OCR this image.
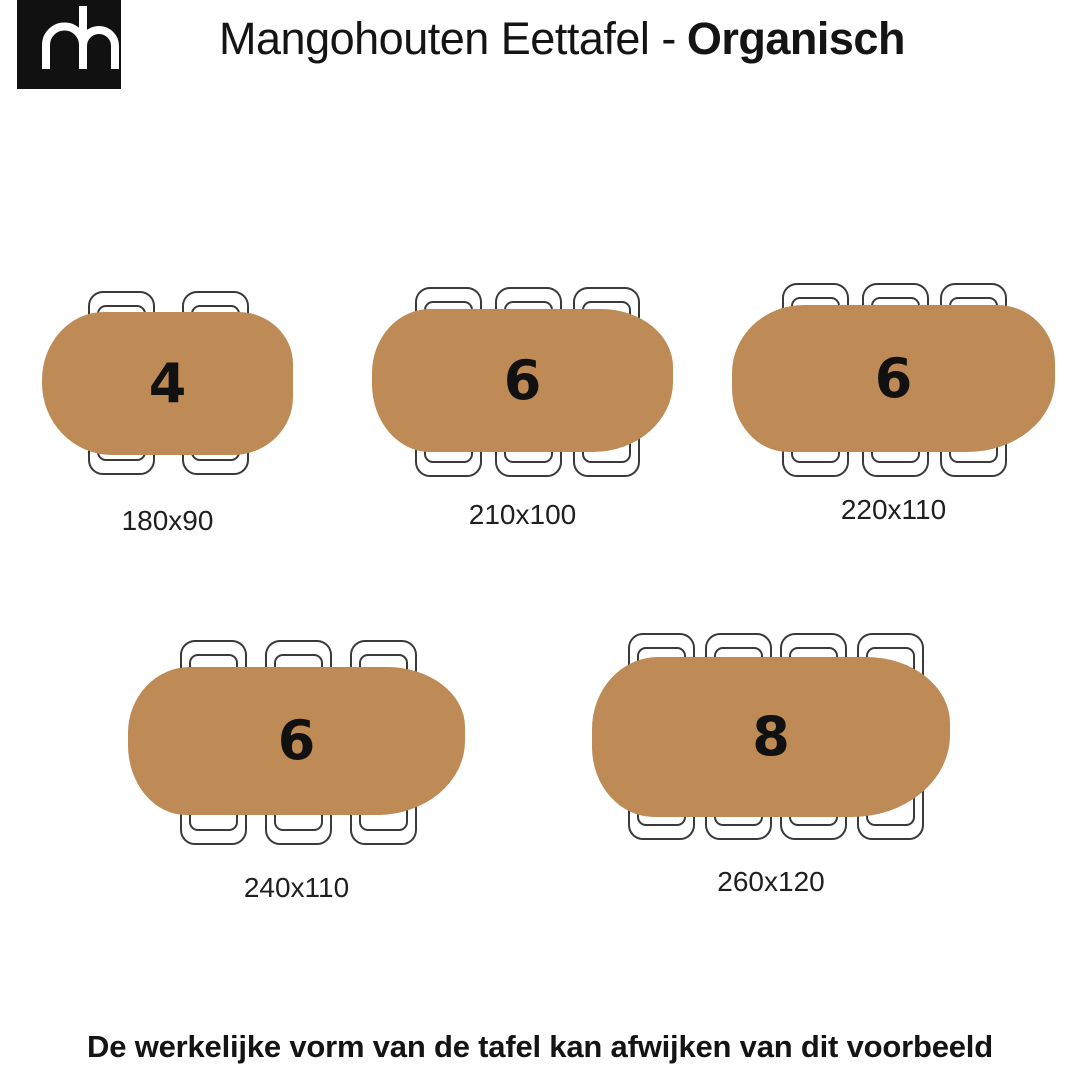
Mangohouten Eettafel - Organisch
4
180x90
6
210x100
6
220x110
6
240x110
8
260x120
De werkelijke vorm van de tafel kan afwijken van dit voorbeeld
